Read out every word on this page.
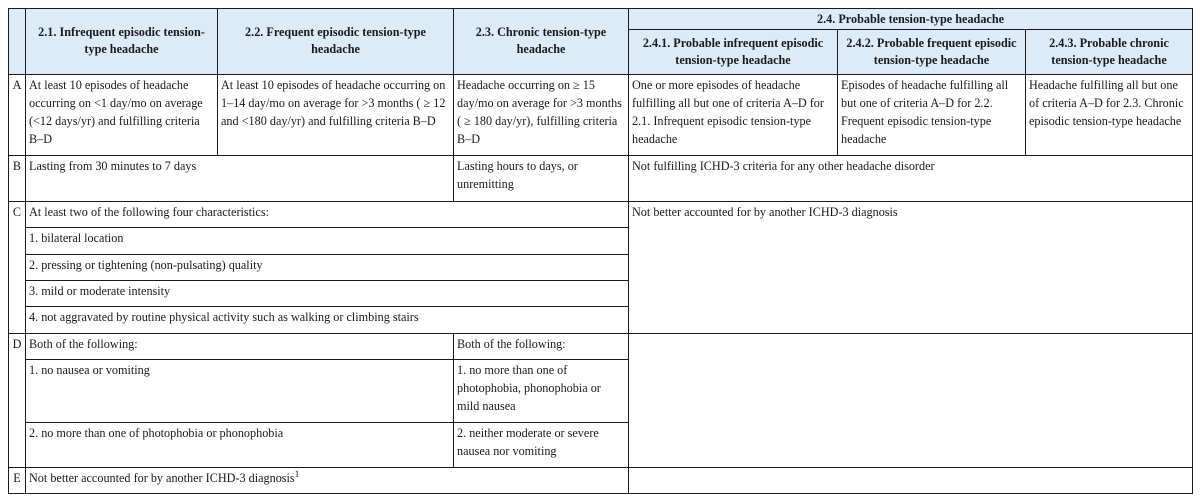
	2.1. Infrequent episodic tension-type headache	2.2. Frequent episodic tension-type headache	2.3. Chronic tension-type headache	2.4. Probable tension-type headache		
				2.4.1. Probable infrequent episodic tension-type headache	2.4.2. Probable frequent episodic tension-type headache	2.4.3. Probable chronic tension-type headache
A	At least 10 episodes of headache occurring on <1 day/mo on average (<12 days/yr) and fulfilling criteria B–D	At least 10 episodes of headache occurring on 1–14 day/mo on average for >3 months ( ≥ 12 and <180 day/yr) and fulfilling criteria B–D	Headache occurring on ≥ 15 day/mo on average for >3 months ( ≥ 180 day/yr), fulfilling criteria B–D	One or more episodes of headache fulfilling all but one of criteria A–D for 2.1. Infrequent episodic tension-type headache	Episodes of headache fulfilling all but one of criteria A–D for 2.2. Frequent episodic tension-type headache	Headache fulfilling all but one of criteria A–D for 2.3. Chronic episodic tension-type headache
B	Lasting from 30 minutes to 7 days		Lasting hours to days, or unremitting	Not fulfilling ICHD-3 criteria for any other headache disorder		
C	At least two of the following four characteristics:			Not better accounted for by another ICHD-3 diagnosis		
	1. bilateral location					
	2. pressing or tightening (non-pulsating) quality					
	3. mild or moderate intensity					
	4. not aggravated by routine physical activity such as walking or climbing stairs					
D	Both of the following:		Both of the following:			
	1. no nausea or vomiting		1. no more than one of photophobia, phonophobia or mild nausea			
	2. no more than one of photophobia or phonophobia		2. neither moderate or severe nausea nor vomiting			
E	Not better accounted for by another ICHD-3 diagnosis$^1$	
